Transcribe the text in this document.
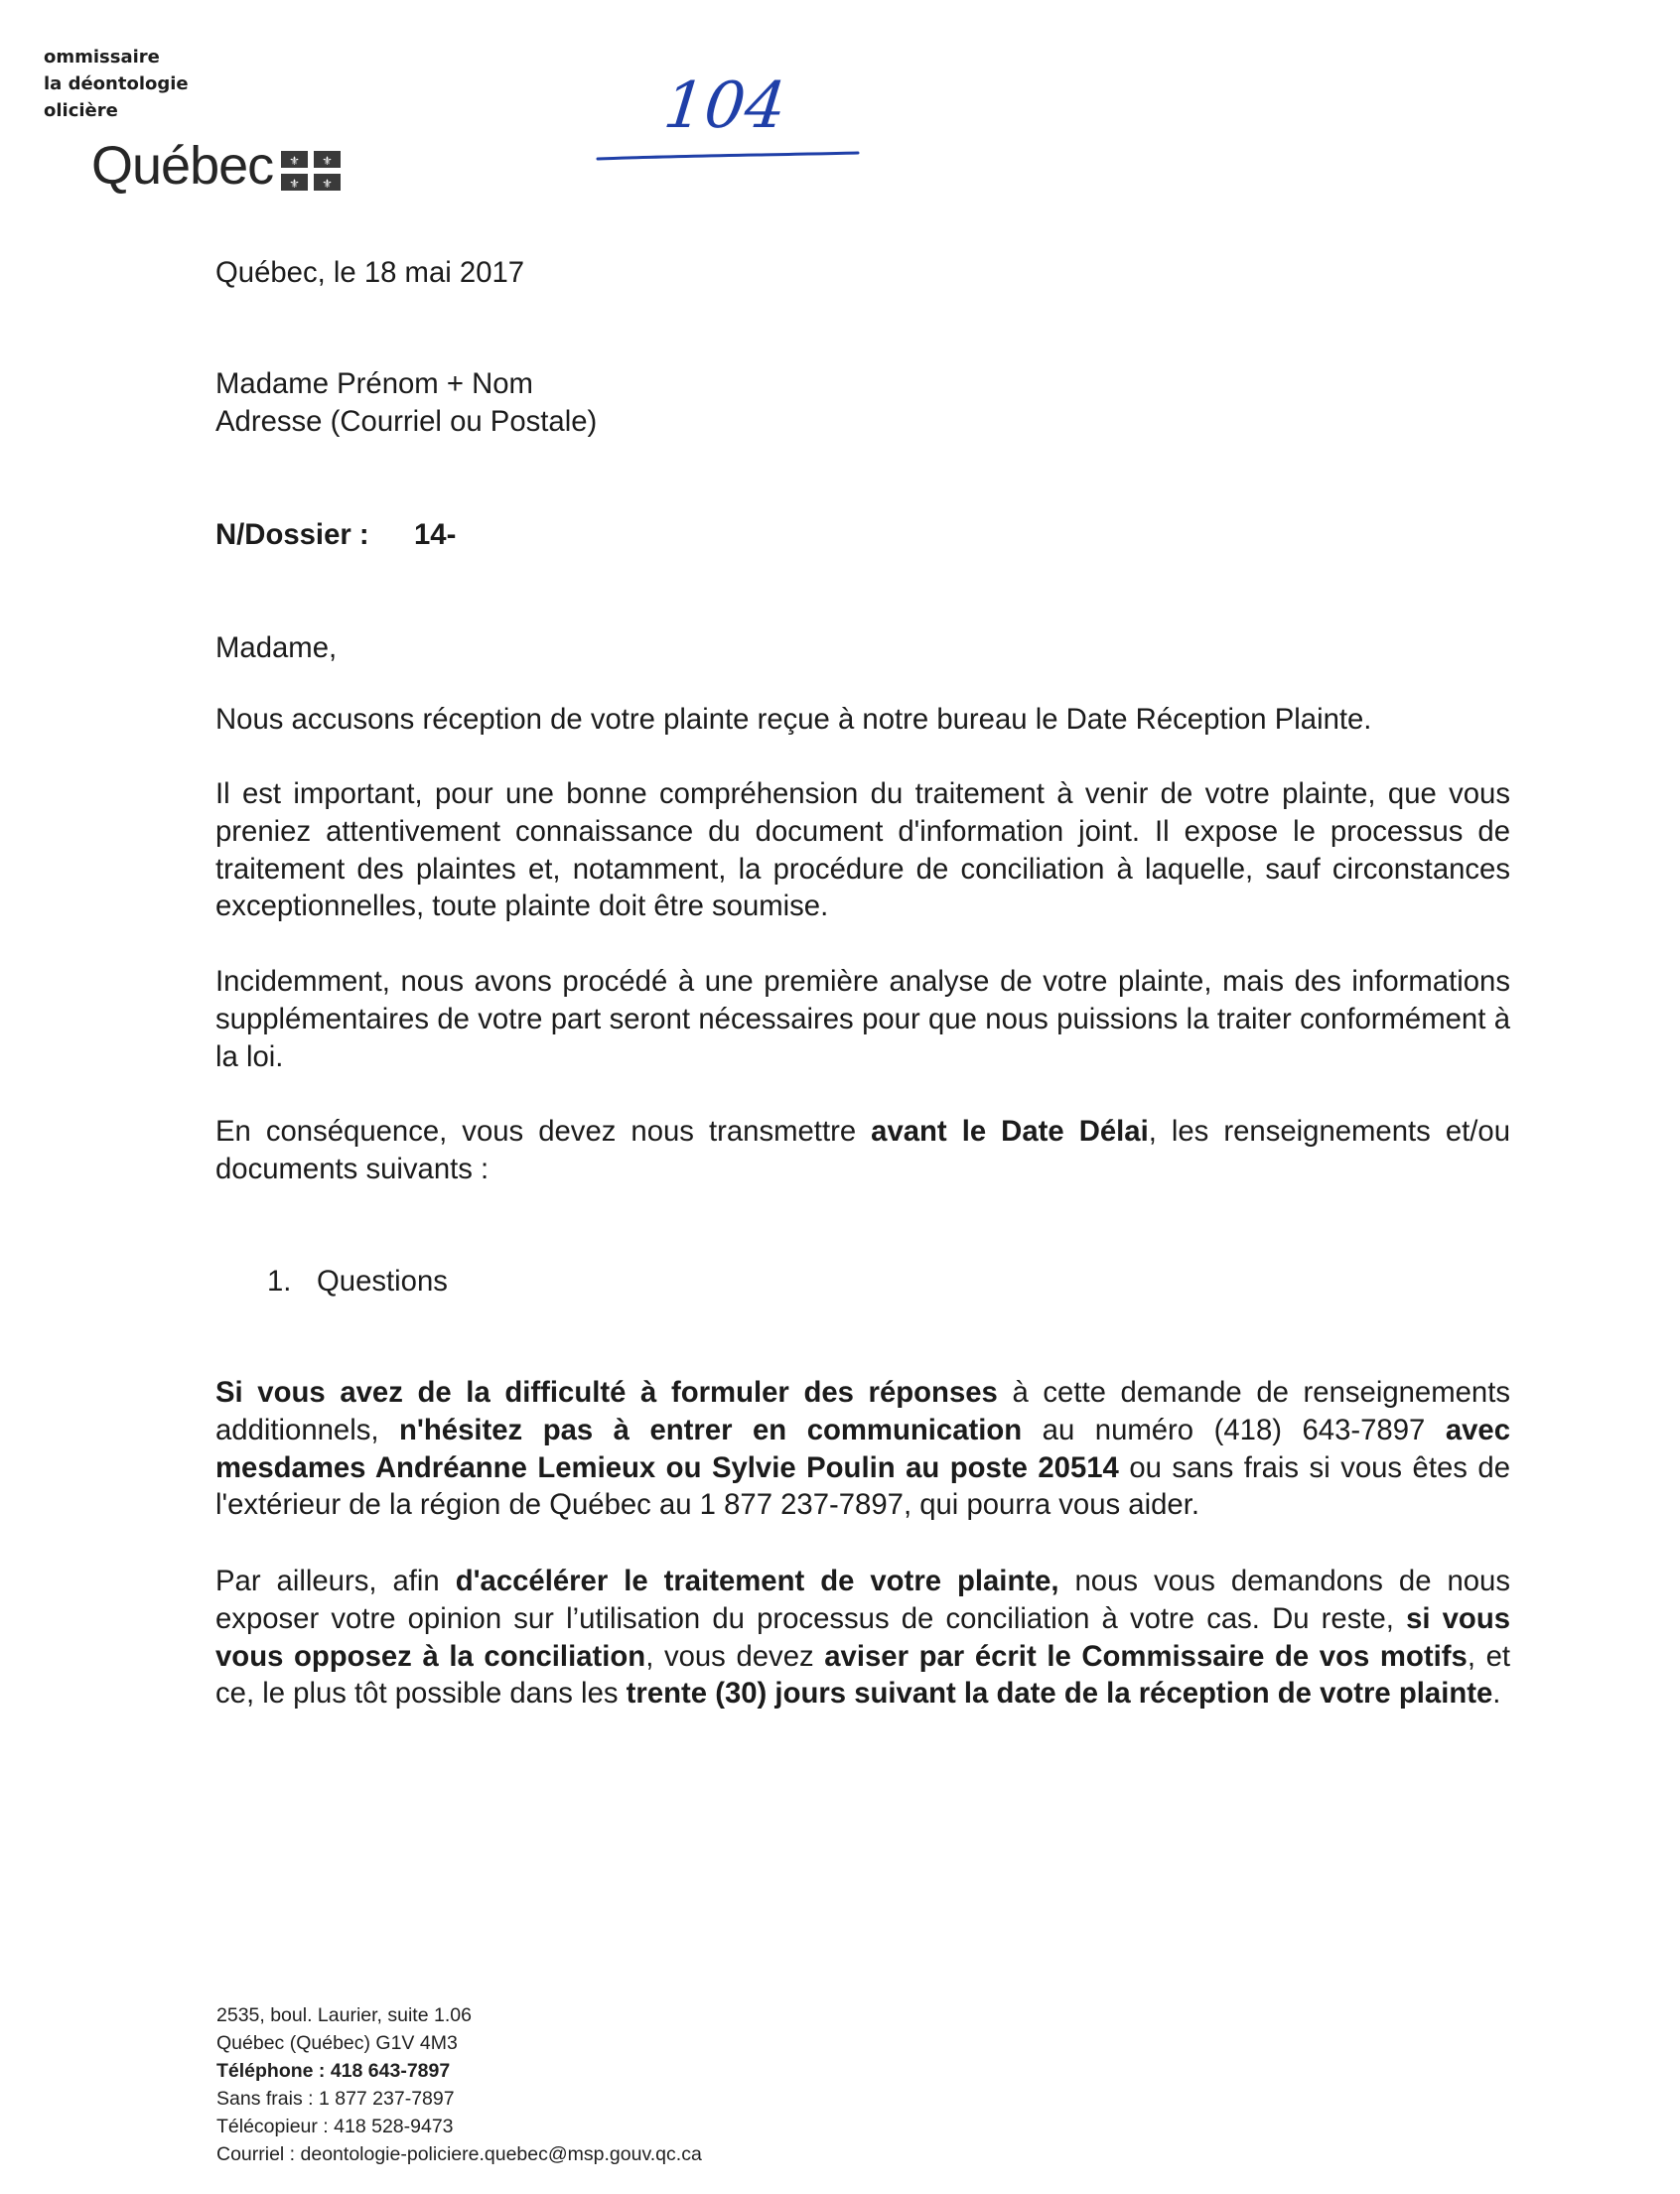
ommissaire
la déontologie
olicière
Québec ⚜ ⚜
⚜ ⚜
104
Québec, le 18 mai 2017
Madame Prénom + Nom
Adresse (Courriel ou Postale)
N/Dossier : 14-
Madame,

Nous accusons réception de votre plainte reçue à notre bureau le Date Réception Plainte.

Il est important, pour une bonne compréhension du traitement à venir de votre plainte, que vous preniez attentivement connaissance du document d'information joint. Il expose le processus de traitement des plaintes et, notamment, la procédure de conciliation à laquelle, sauf circonstances exceptionnelles, toute plainte doit être soumise.

Incidemment, nous avons procédé à une première analyse de votre plainte, mais des informations supplémentaires de votre part seront nécessaires pour que nous puissions la traiter conformément à la loi.

En conséquence, vous devez nous transmettre avant le Date Délai, les renseignements et/ou documents suivants :

1. Questions

Si vous avez de la difficulté à formuler des réponses à cette demande de renseignements additionnels, n'hésitez pas à entrer en communication au numéro (418) 643-7897 avec mesdames Andréanne Lemieux ou Sylvie Poulin au poste 20514 ou sans frais si vous êtes de l'extérieur de la région de Québec au 1 877 237-7897, qui pourra vous aider.

Par ailleurs, afin d'accélérer le traitement de votre plainte, nous vous demandons de nous exposer votre opinion sur l’utilisation du processus de conciliation à votre cas. Du reste, si vous vous opposez à la conciliation, vous devez aviser par écrit le Commissaire de vos motifs, et ce, le plus tôt possible dans les trente (30) jours suivant la date de la réception de votre plainte.

2535, boul. Laurier, suite 1.06
Québec (Québec) G1V 4M3
Téléphone : 418 643-7897
Sans frais : 1 877 237-7897
Télécopieur : 418 528-9473
Courriel : deontologie-policiere.quebec@msp.gouv.qc.ca
